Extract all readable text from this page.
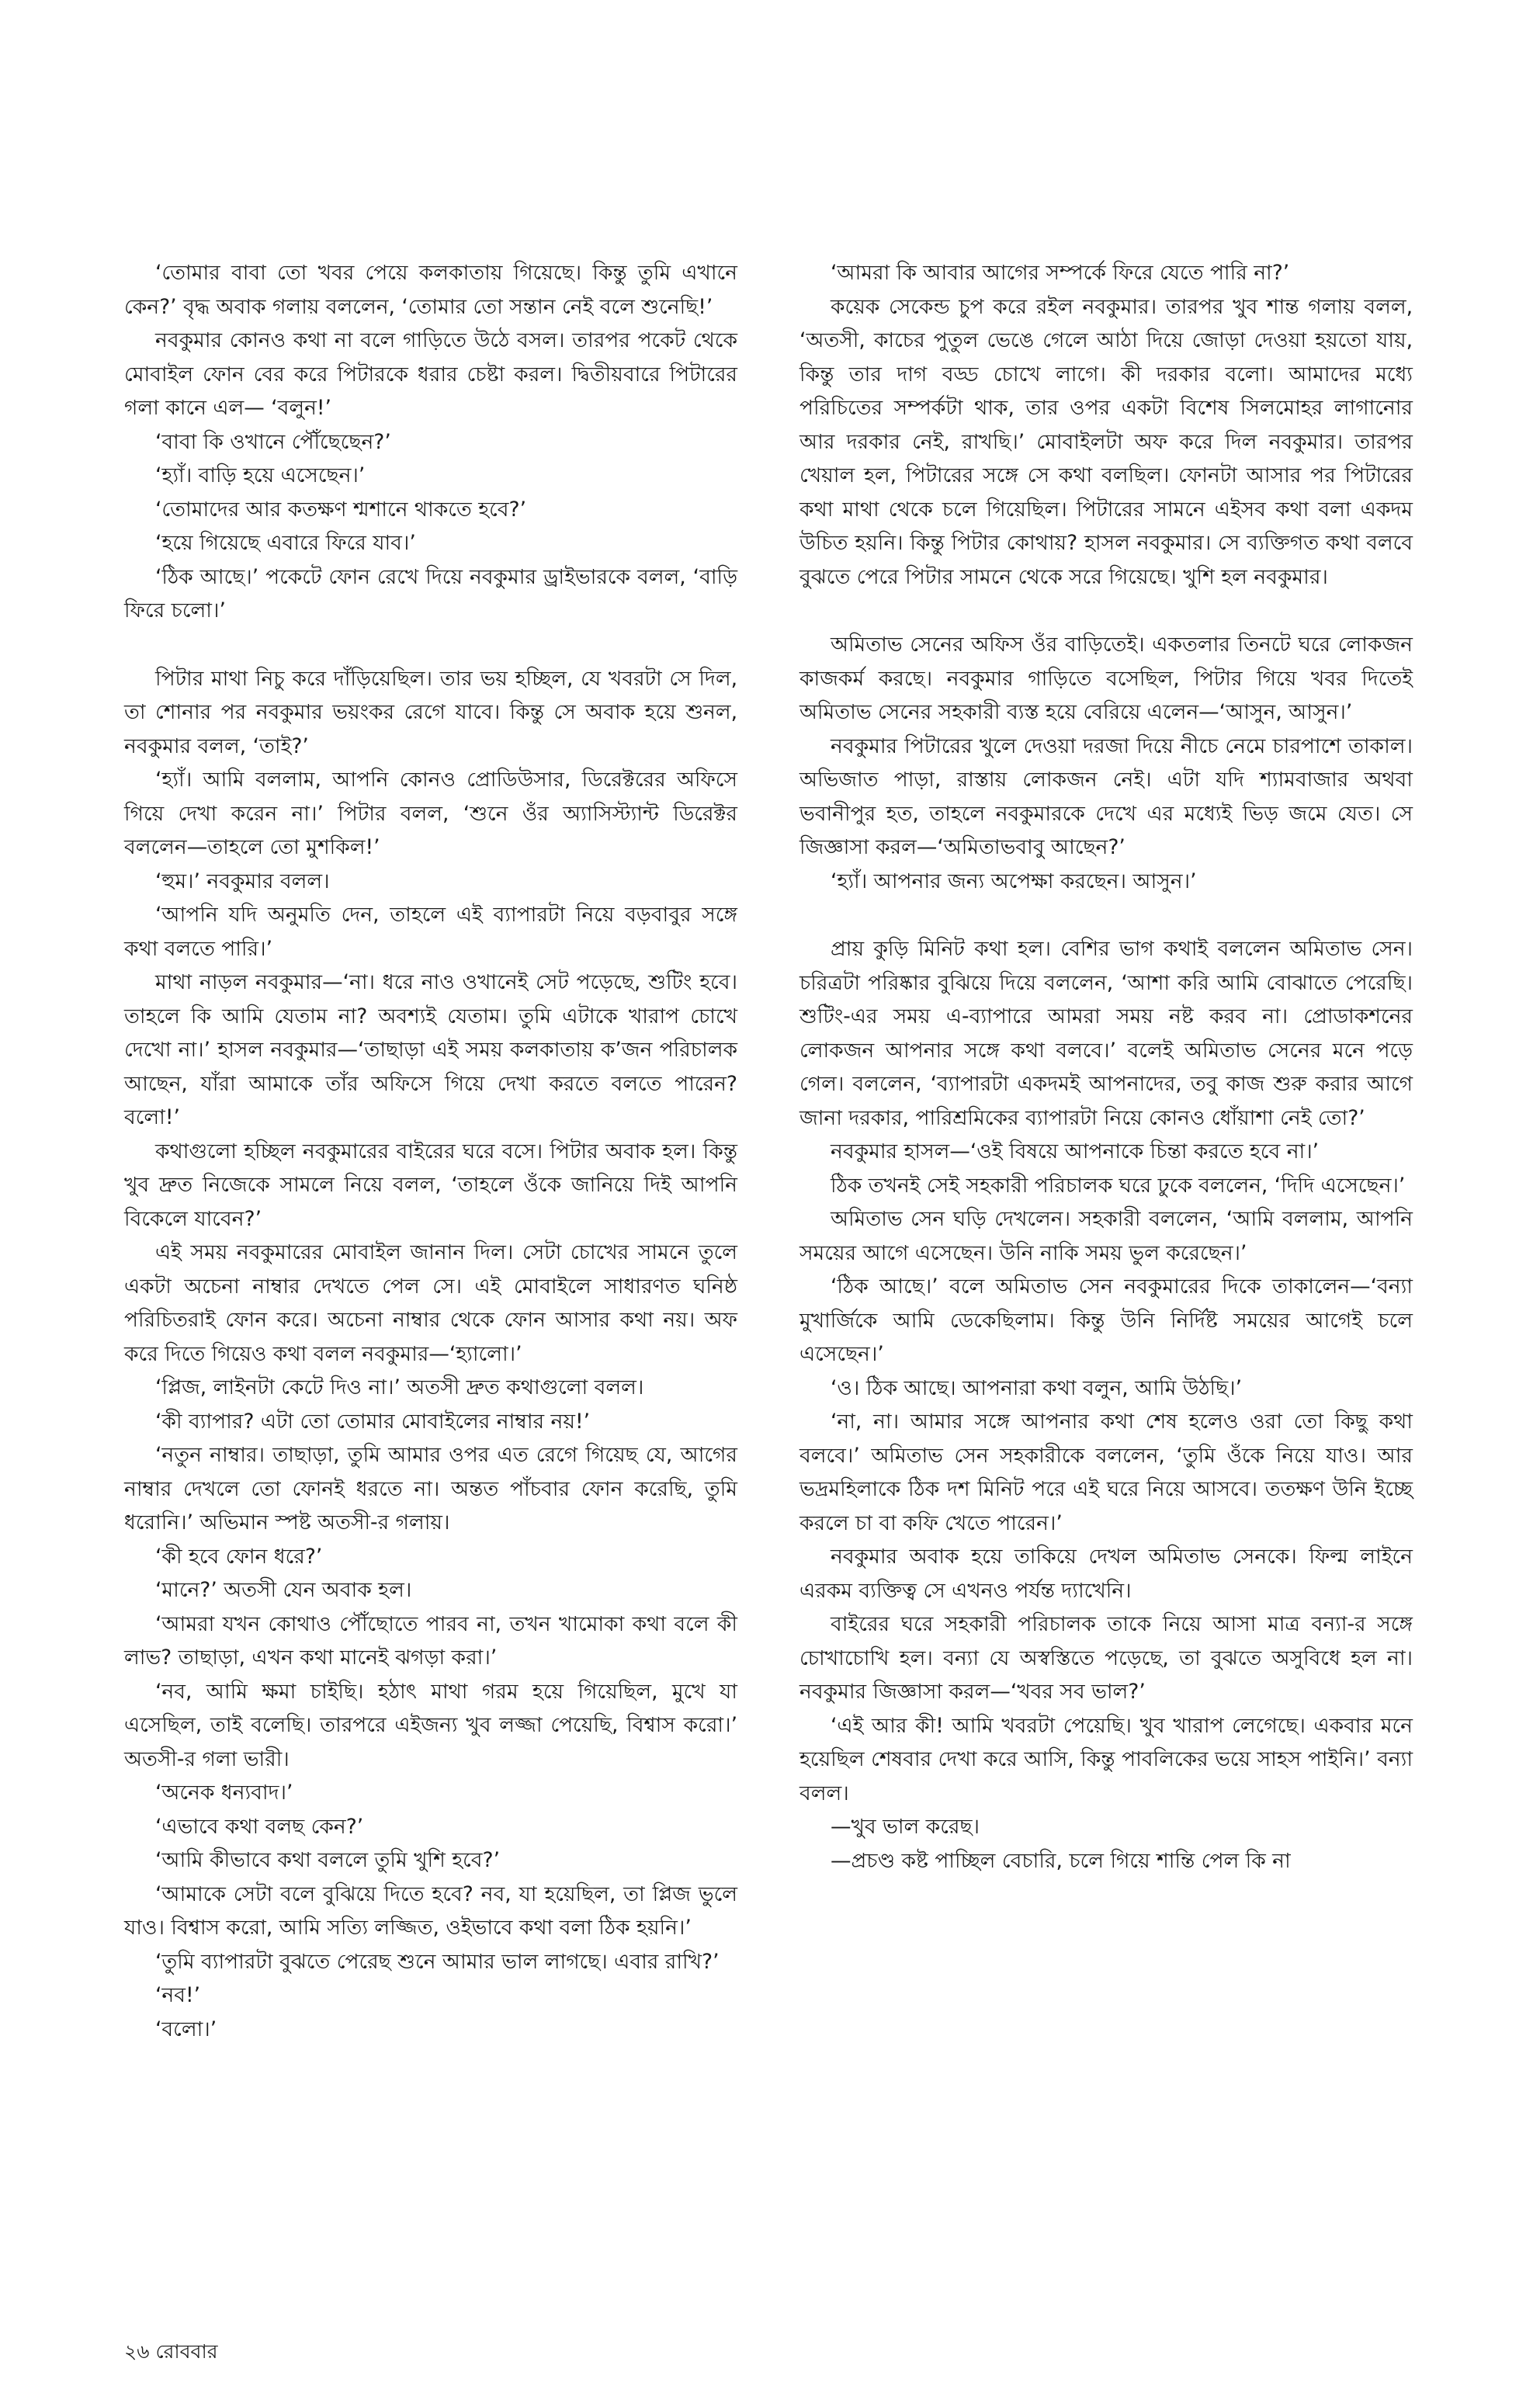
‘তোমার বাবা তো খবর পেয়ে কলকাতায় গিয়েছে। কিন্তু তুমি এখানে কেন?’ বৃদ্ধ অবাক গলায় বললেন, ‘তোমার তো সন্তান নেই বলে শুনেছি!’

নবকুমার কোনও কথা না বলে গাড়িতে উঠে বসল। তারপর পকেট থেকে মোবাইল ফোন বের করে পিটারকে ধরার চেষ্টা করল। দ্বিতীয়বারে পিটারের গলা কানে এল— ‘বলুন!’

‘বাবা কি ওখানে পৌঁছেছেন?’

‘হ্যাঁ। বাড়ি হয়ে এসেছেন।’

‘তোমাদের আর কতক্ষণ শ্মশানে থাকতে হবে?’

‘হয়ে গিয়েছে এবারে ফিরে যাব।’

‘ঠিক আছে।’ পকেটে ফোন রেখে দিয়ে নবকুমার ড্রাইভারকে বলল, ‘বাড়ি ফিরে চলো।’

পিটার মাথা নিচু করে দাঁড়িয়েছিল। তার ভয় হচ্ছিল, যে খবরটা সে দিল, তা শোনার পর নবকুমার ভয়ংকর রেগে যাবে। কিন্তু সে অবাক হয়ে শুনল, নবকুমার বলল, ‘তাই?’

‘হ্যাঁ। আমি বললাম, আপনি কোনও প্রোডিউসার, ডিরেক্টরের অফিসে গিয়ে দেখা করেন না।’ পিটার বলল, ‘শুনে ওঁর অ্যাসিস্ট্যান্ট ডিরেক্টর বললেন—তাহলে তো মুশকিল!’

‘হুম।’ নবকুমার বলল।

‘আপনি যদি অনুমতি দেন, তাহলে এই ব্যাপারটা নিয়ে বড়বাবুর সঙ্গে কথা বলতে পারি।’

মাথা নাড়ল নবকুমার—‘না। ধরে নাও ওখানেই সেট পড়েছে, শুটিং হবে। তাহলে কি আমি যেতাম না? অবশ্যই যেতাম। তুমি এটাকে খারাপ চোখে দেখো না।’ হাসল নবকুমার—‘তাছাড়া এই সময় কলকাতায় ক’জন পরিচালক আছেন, যাঁরা আমাকে তাঁর অফিসে গিয়ে দেখা করতে বলতে পারেন? বলো!’

কথাগুলো হচ্ছিল নবকুমারের বাইরের ঘরে বসে। পিটার অবাক হল। কিন্তু খুব দ্রুত নিজেকে সামলে নিয়ে বলল, ‘তাহলে ওঁকে জানিয়ে দিই আপনি বিকেলে যাবেন?’

এই সময় নবকুমারের মোবাইল জানান দিল। সেটা চোখের সামনে তুলে একটা অচেনা নাম্বার দেখতে পেল সে। এই মোবাইলে সাধারণত ঘনিষ্ঠ পরিচিতরাই ফোন করে। অচেনা নাম্বার থেকে ফোন আসার কথা নয়। অফ করে দিতে গিয়েও কথা বলল নবকুমার—‘হ্যালো।’

‘প্লিজ, লাইনটা কেটে দিও না।’ অতসী দ্রুত কথাগুলো বলল।

‘কী ব্যাপার? এটা তো তোমার মোবাইলের নাম্বার নয়!’

‘নতুন নাম্বার। তাছাড়া, তুমি আমার ওপর এত রেগে গিয়েছ যে, আগের নাম্বার দেখলে তো ফোনই ধরতে না। অন্তত পাঁচবার ফোন করেছি, তুমি ধরোনি।’ অভিমান স্পষ্ট অতসী-র গলায়।

‘কী হবে ফোন ধরে?’

‘মানে?’ অতসী যেন অবাক হল।

‘আমরা যখন কোথাও পৌঁছোতে পারব না, তখন খামোকা কথা বলে কী লাভ? তাছাড়া, এখন কথা মানেই ঝগড়া করা।’

‘নব, আমি ক্ষমা চাইছি। হঠাৎ মাথা গরম হয়ে গিয়েছিল, মুখে যা এসেছিল, তাই বলেছি। তারপরে এইজন্য খুব লজ্জা পেয়েছি, বিশ্বাস করো।’ অতসী-র গলা ভারী।

‘অনেক ধন্যবাদ।’

‘এভাবে কথা বলছ কেন?’

‘আমি কীভাবে কথা বললে তুমি খুশি হবে?’

‘আমাকে সেটা বলে বুঝিয়ে দিতে হবে? নব, যা হয়েছিল, তা প্লিজ ভুলে যাও। বিশ্বাস করো, আমি সত্যি লজ্জিত, ওইভাবে কথা বলা ঠিক হয়নি।’

‘তুমি ব্যাপারটা বুঝতে পেরেছ শুনে আমার ভাল লাগছে। এবার রাখি?’

‘নব!’

‘বলো।’

‘আমরা কি আবার আগের সম্পর্কে ফিরে যেতে পারি না?’

কয়েক সেকেন্ড চুপ করে রইল নবকুমার। তারপর খুব শান্ত গলায় বলল, ‘অতসী, কাচের পুতুল ভেঙে গেলে আঠা দিয়ে জোড়া দেওয়া হয়তো যায়, কিন্তু তার দাগ বড্ড চোখে লাগে। কী দরকার বলো। আমাদের মধ্যে পরিচিতের সম্পর্কটা থাক, তার ওপর একটা বিশেষ সিলমোহর লাগানোর আর দরকার নেই, রাখছি।’ মোবাইলটা অফ করে দিল নবকুমার। তারপর খেয়াল হল, পিটারের সঙ্গে সে কথা বলছিল। ফোনটা আসার পর পিটারের কথা মাথা থেকে চলে গিয়েছিল। পিটারের সামনে এইসব কথা বলা একদম উচিত হয়নি। কিন্তু পিটার কোথায়? হাসল নবকুমার। সে ব্যক্তিগত কথা বলবে বুঝতে পেরে পিটার সামনে থেকে সরে গিয়েছে। খুশি হল নবকুমার।

অমিতাভ সেনের অফিস ওঁর বাড়িতেই। একতলার তিনটে ঘরে লোকজন কাজকর্ম করছে। নবকুমার গাড়িতে বসেছিল, পিটার গিয়ে খবর দিতেই অমিতাভ সেনের সহকারী ব্যস্ত হয়ে বেরিয়ে এলেন—‘আসুন, আসুন।’

নবকুমার পিটারের খুলে দেওয়া দরজা দিয়ে নীচে নেমে চারপাশে তাকাল। অভিজাত পাড়া, রাস্তায় লোকজন নেই। এটা যদি শ্যামবাজার অথবা ভবানীপুর হত, তাহলে নবকুমারকে দেখে এর মধ্যেই ভিড় জমে যেত। সে জিজ্ঞাসা করল—‘অমিতাভবাবু আছেন?’

‘হ্যাঁ। আপনার জন্য অপেক্ষা করছেন। আসুন।’

প্রায় কুড়ি মিনিট কথা হল। বেশির ভাগ কথাই বললেন অমিতাভ সেন। চরিত্রটা পরিষ্কার বুঝিয়ে দিয়ে বললেন, ‘আশা করি আমি বোঝাতে পেরেছি। শুটিং-এর সময় এ-ব্যাপারে আমরা সময় নষ্ট করব না। প্রোডাকশনের লোকজন আপনার সঙ্গে কথা বলবে।’ বলেই অমিতাভ সেনের মনে পড়ে গেল। বললেন, ‘ব্যাপারটা একদমই আপনাদের, তবু কাজ শুরু করার আগে জানা দরকার, পারিশ্রমিকের ব্যাপারটা নিয়ে কোনও ধোঁয়াশা নেই তো?’

নবকুমার হাসল—‘ওই বিষয়ে আপনাকে চিন্তা করতে হবে না।’

ঠিক তখনই সেই সহকারী পরিচালক ঘরে ঢুকে বললেন, ‘দিদি এসেছেন।’

অমিতাভ সেন ঘড়ি দেখলেন। সহকারী বললেন, ‘আমি বললাম, আপনি সময়ের আগে এসেছেন। উনি নাকি সময় ভুল করেছেন।’

‘ঠিক আছে।’ বলে অমিতাভ সেন নবকুমারের দিকে তাকালেন—‘বন্যা মুখার্জিকে আমি ডেকেছিলাম। কিন্তু উনি নির্দিষ্ট সময়ের আগেই চলে এসেছেন।’

‘ও। ঠিক আছে। আপনারা কথা বলুন, আমি উঠছি।’

‘না, না। আমার সঙ্গে আপনার কথা শেষ হলেও ওরা তো কিছু কথা বলবে।’ অমিতাভ সেন সহকারীকে বললেন, ‘তুমি ওঁকে নিয়ে যাও। আর ভদ্রমহিলাকে ঠিক দশ মিনিট পরে এই ঘরে নিয়ে আসবে। ততক্ষণ উনি ইচ্ছে করলে চা বা কফি খেতে পারেন।’

নবকুমার অবাক হয়ে তাকিয়ে দেখল অমিতাভ সেনকে। ফিল্ম লাইনে এরকম ব্যক্তিত্ব সে এখনও পর্যন্ত দ্যাখেনি।

বাইরের ঘরে সহকারী পরিচালক তাকে নিয়ে আসা মাত্র বন্যা-র সঙ্গে চোখাচোখি হল। বন্যা যে অস্বস্তিতে পড়েছে, তা বুঝতে অসুবিধে হল না। নবকুমার জিজ্ঞাসা করল—‘খবর সব ভাল?’

‘এই আর কী! আমি খবরটা পেয়েছি। খুব খারাপ লেগেছে। একবার মনে হয়েছিল শেষবার দেখা করে আসি, কিন্তু পাবলিকের ভয়ে সাহস পাইনি।’ বন্যা বলল।

—খুব ভাল করেছ।

—প্রচণ্ড কষ্ট পাচ্ছিল বেচারি, চলে গিয়ে শান্তি পেল কি না

২৬ রোববার
